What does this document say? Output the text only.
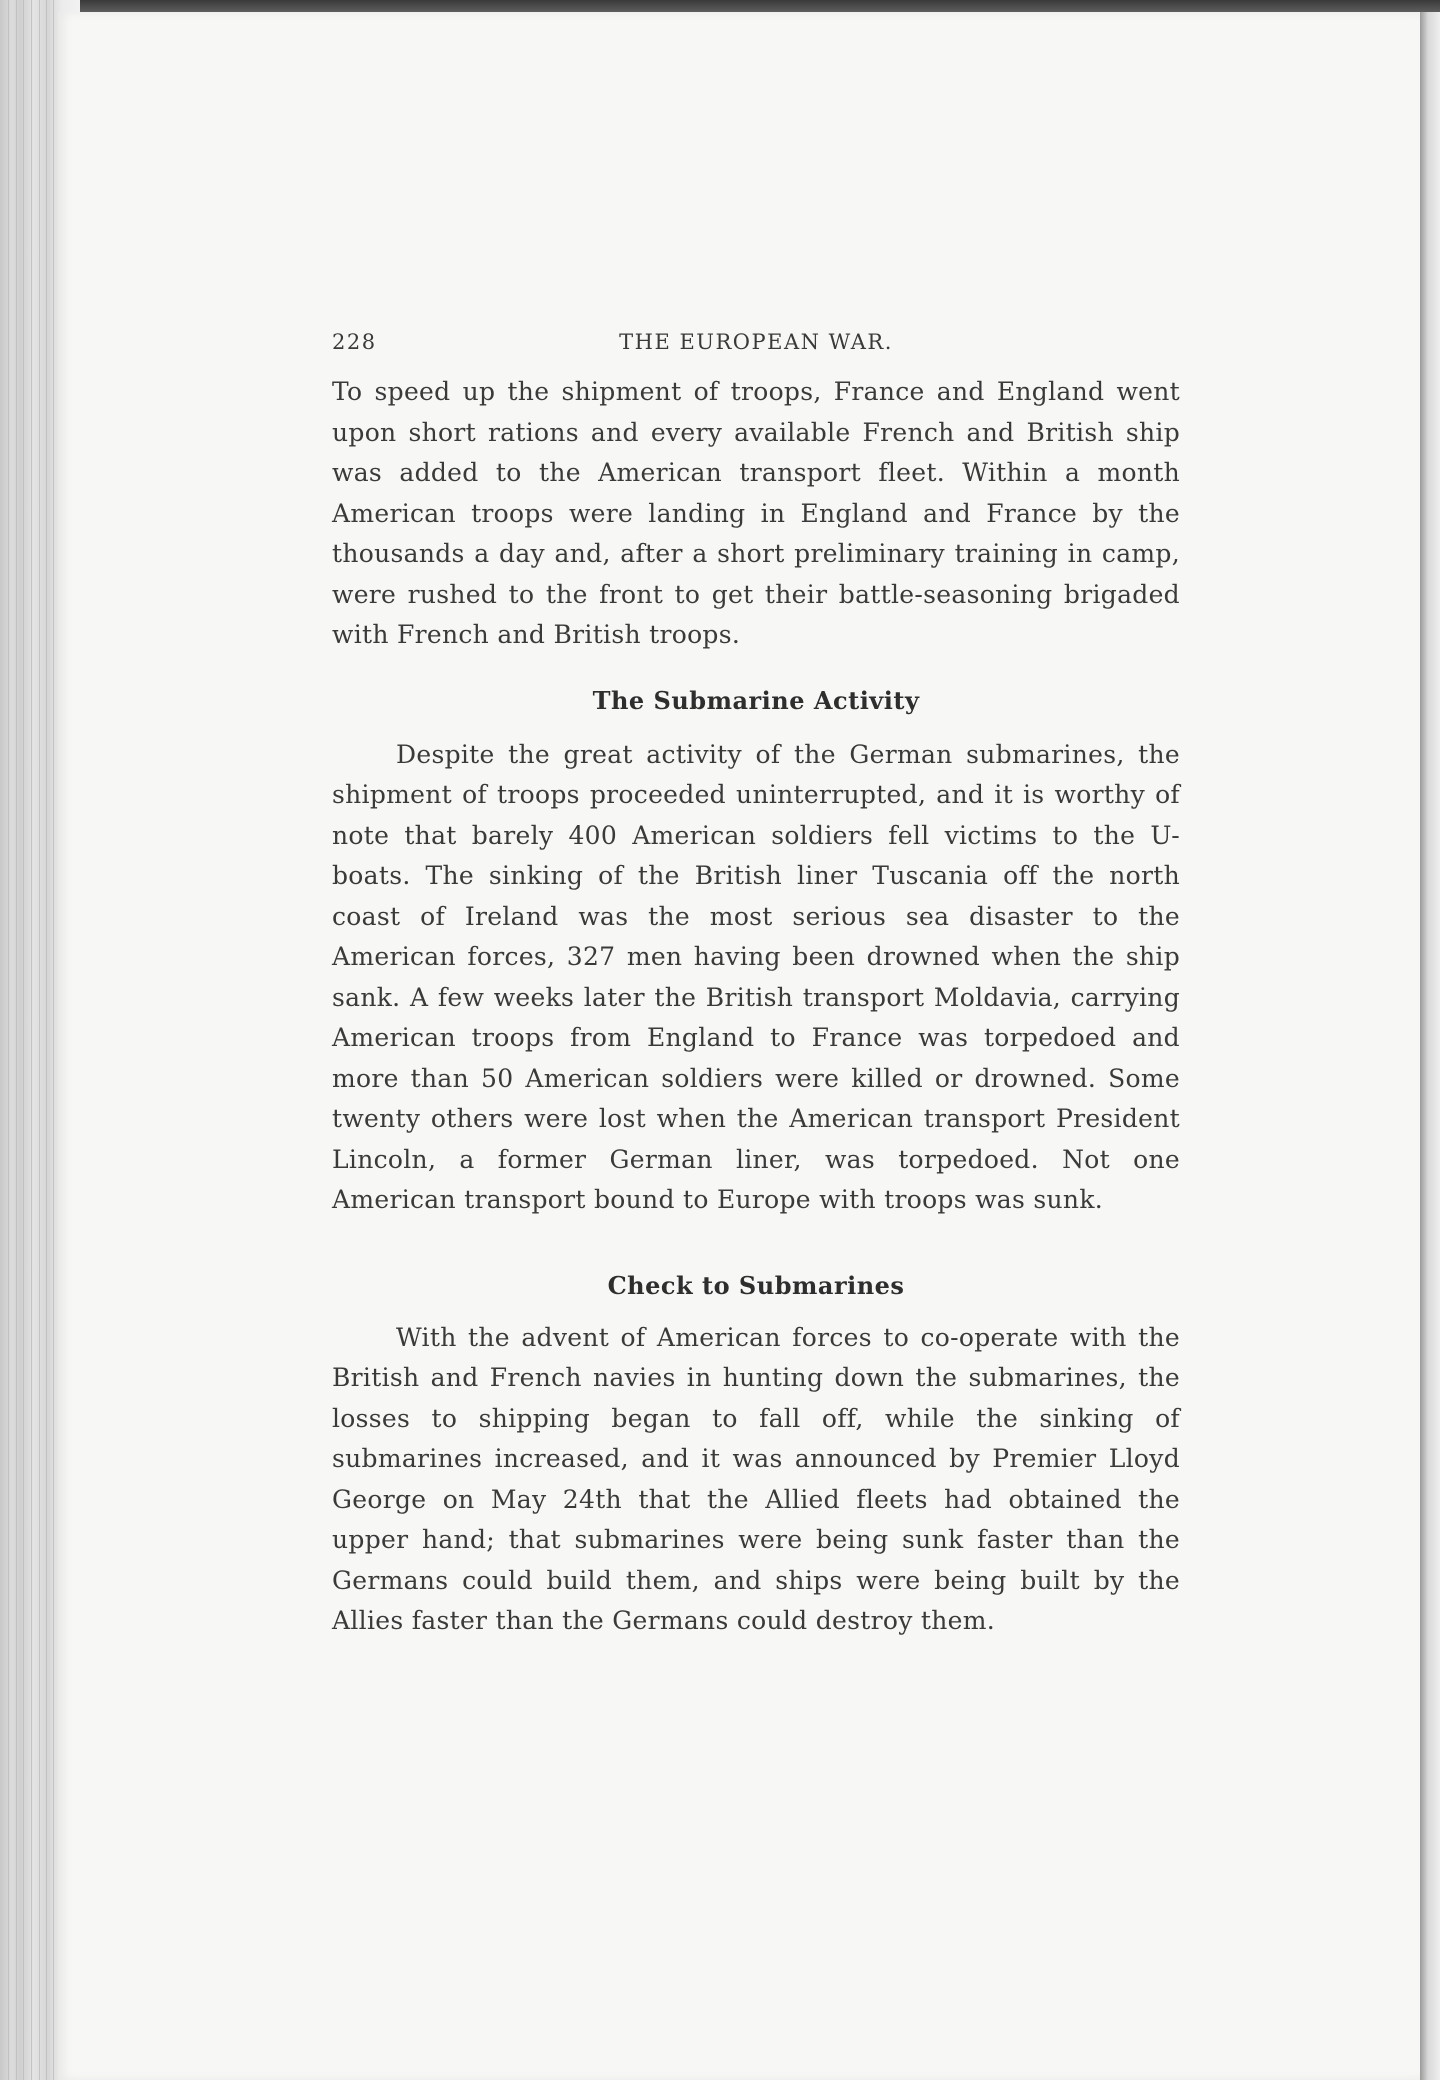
228	THE EUROPEAN WAR.

To speed up the shipment of troops, France and England went upon short rations and every available French and British ship was added to the American transport fleet. Within a month American troops were landing in England and France by the thousands a day and, after a short preliminary training in camp, were rushed to the front to get their battle-seasoning brigaded with French and British troops.

The Submarine Activity

Despite the great activity of the German submarines, the shipment of troops proceeded uninterrupted, and it is worthy of note that barely 400 American soldiers fell victims to the U-boats. The sinking of the British liner Tuscania off the north coast of Ireland was the most serious sea disaster to the American forces, 327 men having been drowned when the ship sank. A few weeks later the British transport Moldavia, carrying American troops from England to France was torpedoed and more than 50 American soldiers were killed or drowned. Some twenty others were lost when the American transport President Lincoln, a former German liner, was torpedoed. Not one American transport bound to Europe with troops was sunk.

Check to Submarines

With the advent of American forces to co-operate with the British and French navies in hunting down the submarines, the losses to shipping began to fall off, while the sinking of submarines increased, and it was announced by Premier Lloyd George on May 24th that the Allied fleets had obtained the upper hand; that submarines were being sunk faster than the Germans could build them, and ships were being built by the Allies faster than the Germans could destroy them.
